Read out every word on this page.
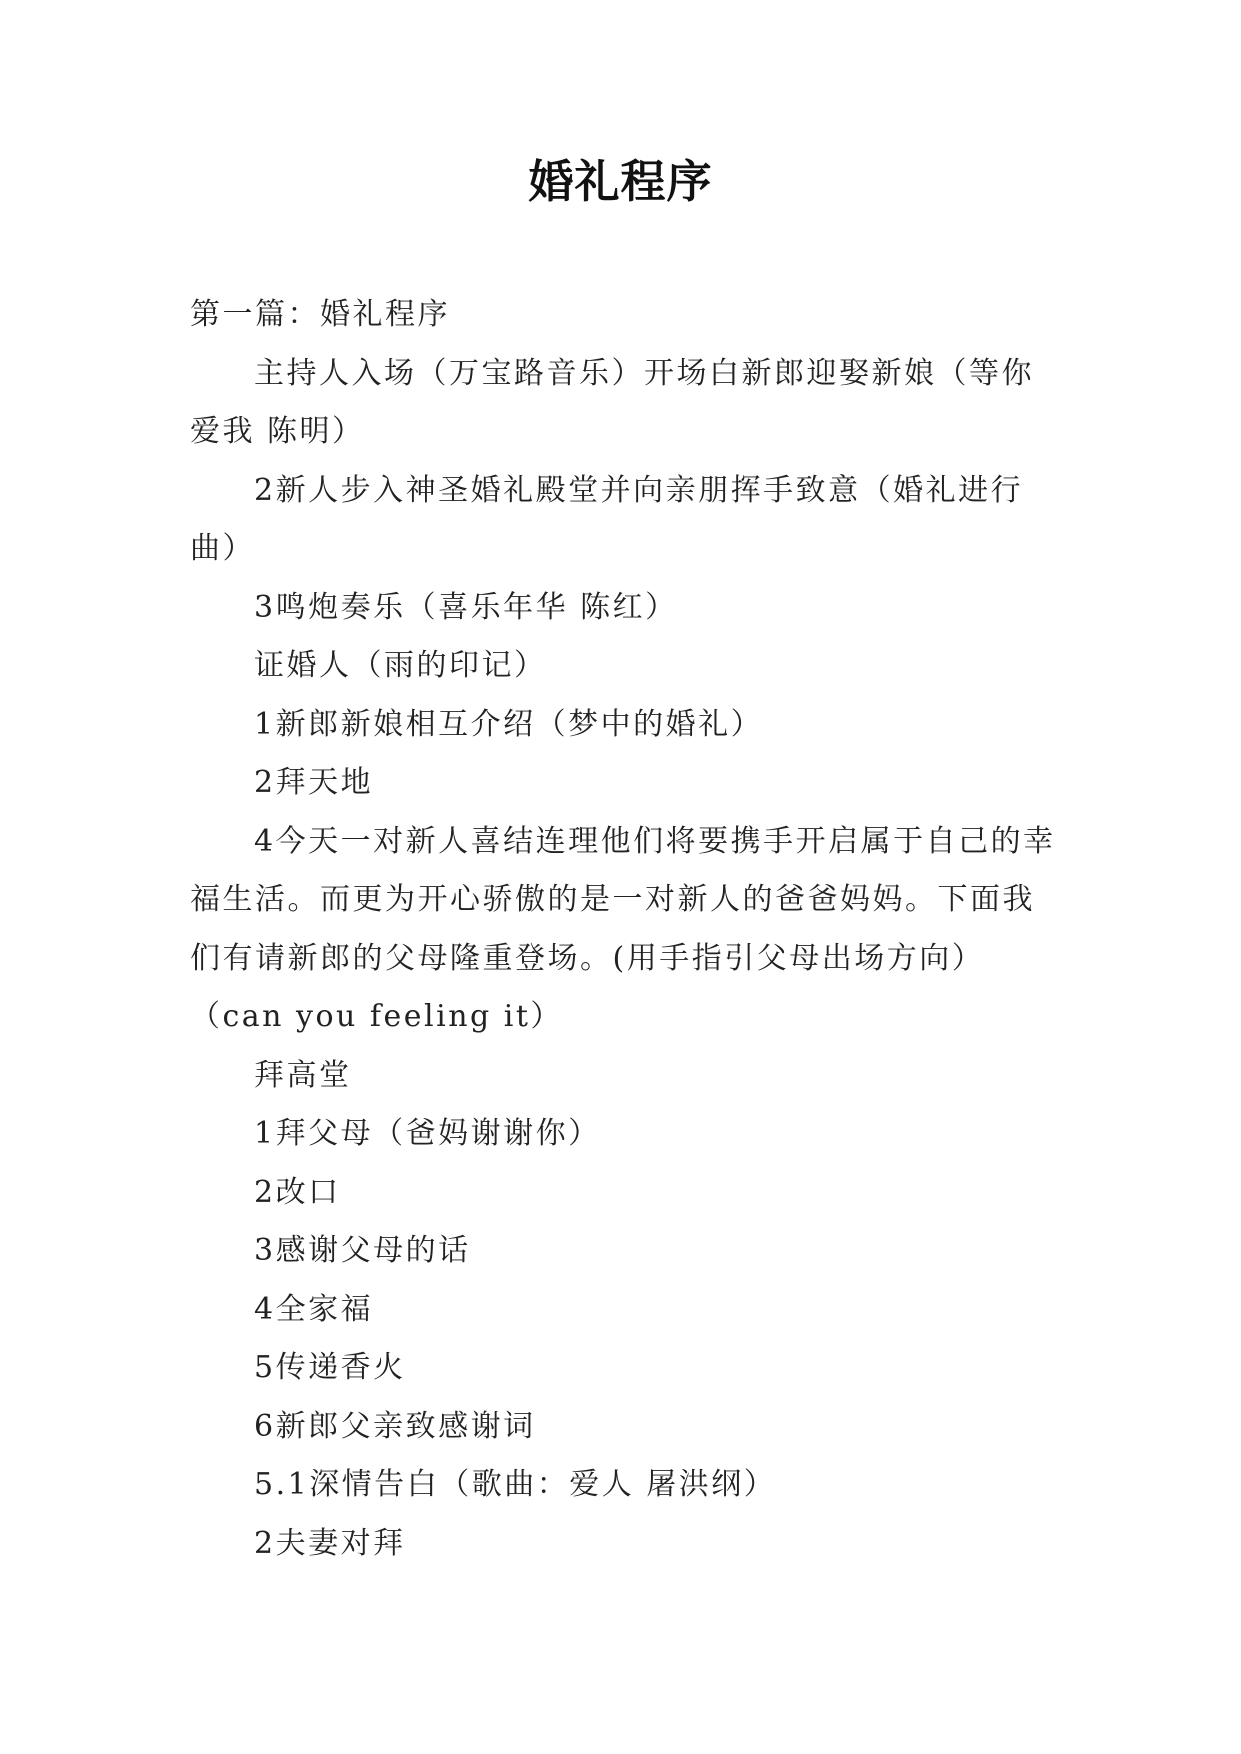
婚礼程序

第一篇：婚礼程序

主持人入场（万宝路音乐）开场白新郎迎娶新娘（等你爱我 陈明）

2新人步入神圣婚礼殿堂并向亲朋挥手致意（婚礼进行曲）

3鸣炮奏乐（喜乐年华 陈红）

证婚人（雨的印记）

1新郎新娘相互介绍（梦中的婚礼）

2拜天地

4今天一对新人喜结连理他们将要携手开启属于自己的幸福生活。而更为开心骄傲的是一对新人的爸爸妈妈。下面我们有请新郎的父母隆重登场。(用手指引父母出场方向）（can you feeling it）

拜高堂

1拜父母（爸妈谢谢你）

2改口

3感谢父母的话

4全家福

5传递香火

6新郎父亲致感谢词

5.1深情告白（歌曲：爱人 屠洪纲）

2夫妻对拜
